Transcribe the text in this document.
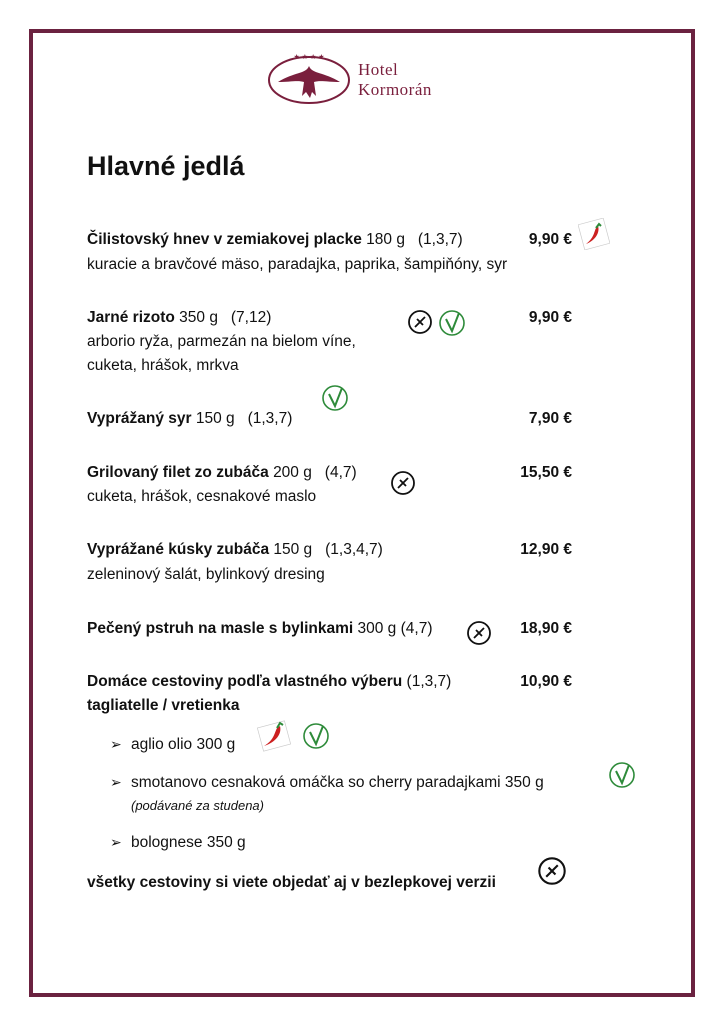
★ ★ ★ ★
Hotel
Kormorán
Hlavné jedlá
Čilistovský hnev v zemiakovej placke 180 g (1,3,7)	9,90 €
kuracie a bravčové mäso, paradajka, paprika, šampiňóny, syr
Jarné rizoto 350 g (7,12)	9,90 €
arborio ryža, parmezán na bielom víne,
cuketa, hrášok, mrkva
Vyprážaný syr 150 g (1,3,7)	7,90 €
Grilovaný filet zo zubáča 200 g (4,7)	15,50 €
cuketa, hrášok, cesnakové maslo
Vyprážané kúsky zubáča 150 g (1,3,4,7)	12,90 €
zeleninový šalát, bylinkový dresing
Pečený pstruh na masle s bylinkami 300 g (4,7)	18,90 €
Domáce cestoviny podľa vlastného výberu (1,3,7)	10,90 €
tagliatelle / vretienka
➢ aglio olio 300 g
➢ smotanovo cesnaková omáčka so cherry paradajkami 350 g
(podávané za studena)
➢ bolognese 350 g
všetky cestoviny si viete objedať aj v bezlepkovej verzii
